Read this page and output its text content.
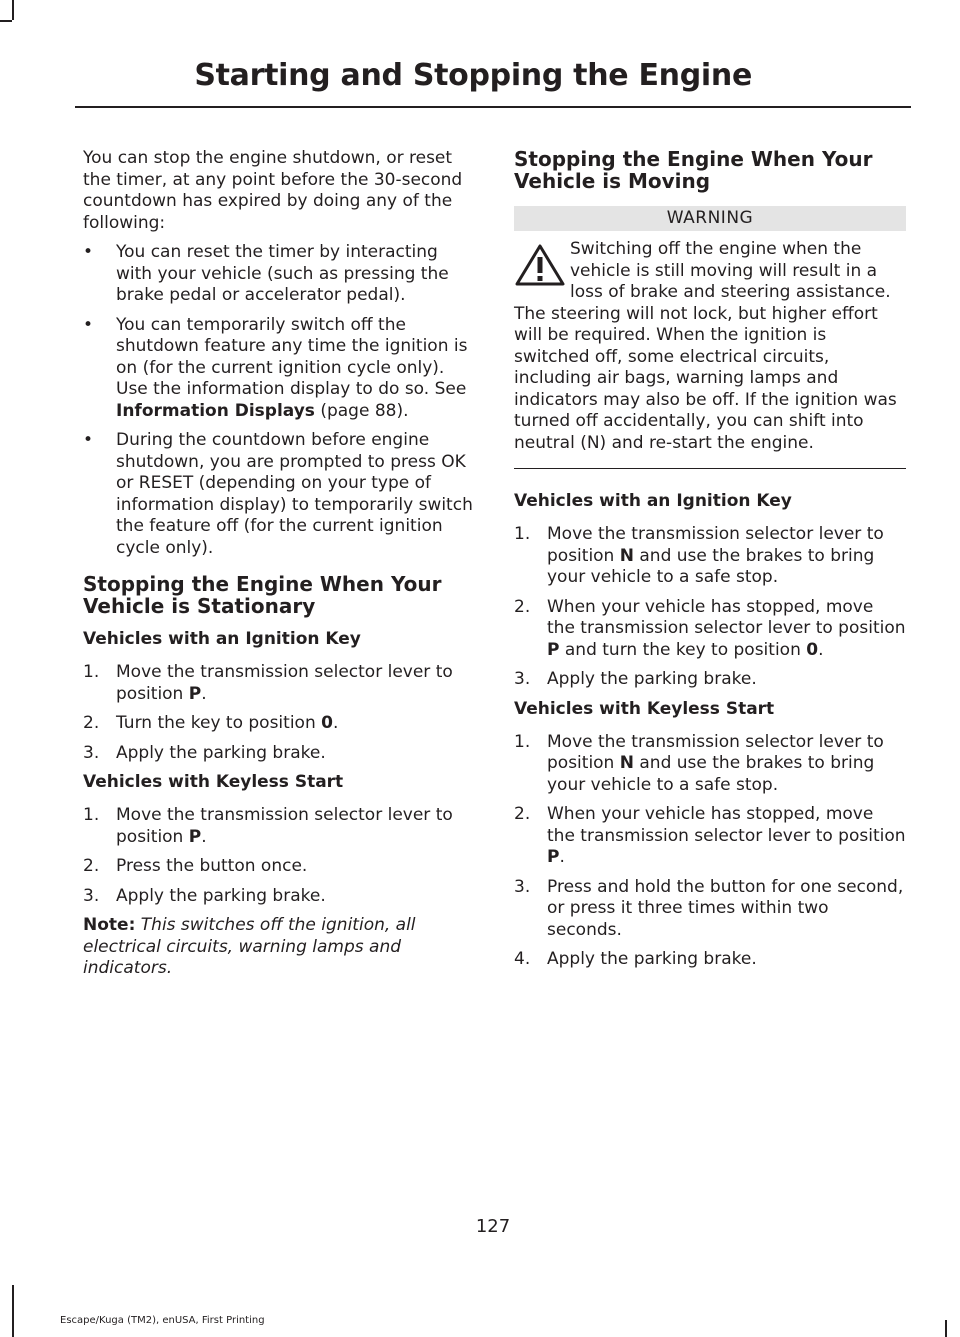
Starting and Stopping the Engine

You can stop the engine shutdown, or reset the timer, at any point before the 30-second countdown has expired by doing any of the following:

• You can reset the timer by interacting with your vehicle (such as pressing the brake pedal or accelerator pedal).
• You can temporarily switch off the shutdown feature any time the ignition is on (for the current ignition cycle only). Use the information display to do so. See Information Displays (page 88).
• During the countdown before engine shutdown, you are prompted to press OK or RESET (depending on your type of information display) to temporarily switch the feature off (for the current ignition cycle only).
Stopping the Engine When Your Vehicle is Stationary
Vehicles with an Ignition Key
1. Move the transmission selector lever to position P.
2. Turn the key to position 0.
3. Apply the parking brake.
Vehicles with Keyless Start
1. Move the transmission selector lever to position P.
2. Press the button once.
3. Apply the parking brake.

Note: This switches off the ignition, all electrical circuits, warning lamps and indicators.

Stopping the Engine When Your Vehicle is Moving
WARNING
Switching off the engine when the vehicle is still moving will result in a loss of brake and steering assistance. The steering will not lock, but higher effort will be required. When the ignition is switched off, some electrical circuits, including air bags, warning lamps and indicators may also be off. If the ignition was turned off accidentally, you can shift into neutral (N) and re-start the engine.
Vehicles with an Ignition Key
1. Move the transmission selector lever to position N and use the brakes to bring your vehicle to a safe stop.
2. When your vehicle has stopped, move the transmission selector lever to position P and turn the key to position 0.
3. Apply the parking brake.
Vehicles with Keyless Start
1. Move the transmission selector lever to position N and use the brakes to bring your vehicle to a safe stop.
2. When your vehicle has stopped, move the transmission selector lever to position P.
3. Press and hold the button for one second, or press it three times within two seconds.
4. Apply the parking brake.
127
Escape/Kuga (TM2), enUSA, First Printing
